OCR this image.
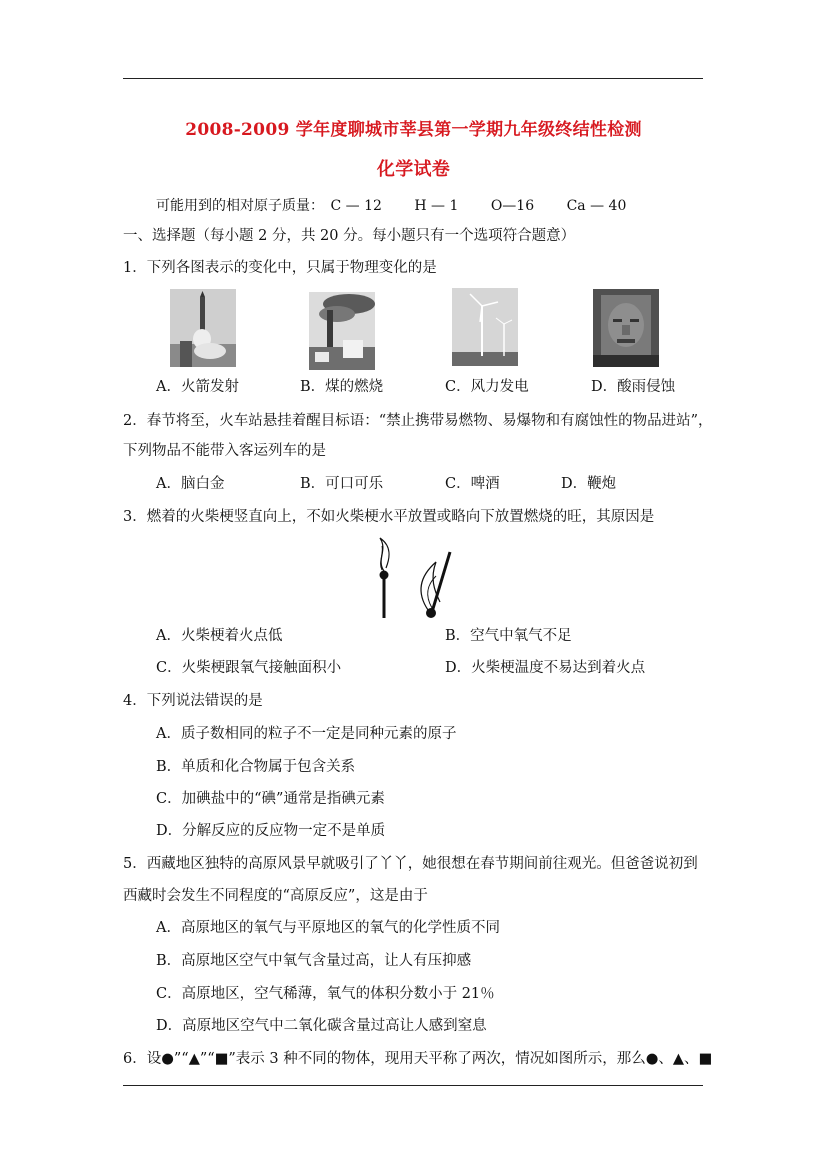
2008-2009 学年度聊城市莘县第一学期九年级终结性检测
化学试卷
可能用到的相对原子质量： C — 12 H — 1 O—16 Ca — 40
一、选择题（每小题 2 分，共 20 分。每小题只有一个选项符合题意）
1．下列各图表示的变化中，只属于物理变化的是
A．火箭发射	B．煤的燃烧	C．风力发电	D．酸雨侵蚀
2．春节将至，火车站悬挂着醒目标语：“禁止携带易燃物、易爆物和有腐蚀性的物品进站”，
下列物品不能带入客运列车的是
A．脑白金	B．可口可乐	C．啤酒	D．鞭炮
3．燃着的火柴梗竖直向上，不如火柴梗水平放置或略向下放置燃烧的旺，其原因是
A．火柴梗着火点低	B．空气中氧气不足
C．火柴梗跟氧气接触面积小	D．火柴梗温度不易达到着火点
4．下列说法错误的是
A．质子数相同的粒子不一定是同种元素的原子
B．单质和化合物属于包含关系
C．加碘盐中的“碘”通常是指碘元素
D．分解反应的反应物一定不是单质
5．西藏地区独特的高原风景早就吸引了丫丫，她很想在春节期间前往观光。但爸爸说初到
西藏时会发生不同程度的“高原反应”，这是由于
A．高原地区的氧气与平原地区的氧气的化学性质不同
B．高原地区空气中氧气含量过高，让人有压抑感
C．高原地区，空气稀薄，氧气的体积分数小于 21％
D．高原地区空气中二氧化碳含量过高让人感到窒息
6．设●”“▲”“■”表示 3 种不同的物体，现用天平称了两次，情况如图所示，那么●、▲、■
